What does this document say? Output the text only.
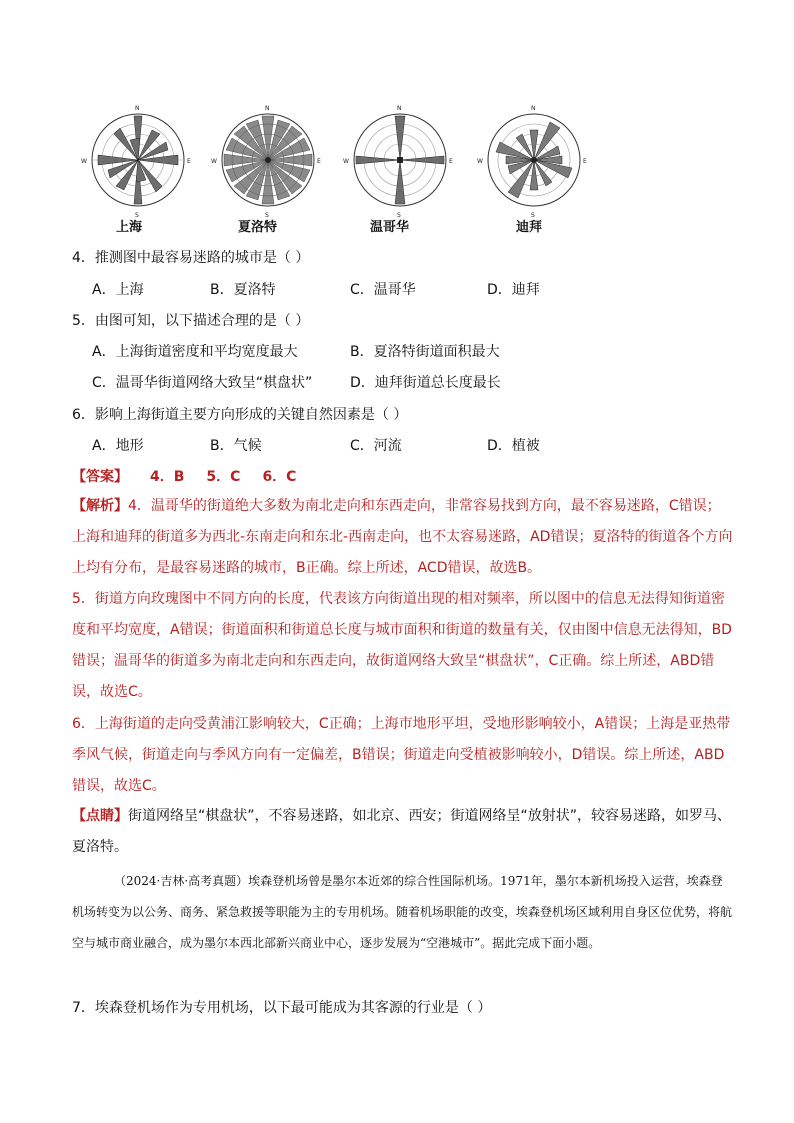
N
S
E
W
上海
N
S
E
W
夏洛特
N
S
E
W
温哥华
N
S
E
W
迪拜
4．推测图中最容易迷路的城市是（ ）
A．上海	B．夏洛特	C．温哥华	D．迪拜
5．由图可知，以下描述合理的是（ ）
A．上海街道密度和平均宽度最大	B．夏洛特街道面积最大
C．温哥华街道网络大致呈“棋盘状”	D．迪拜街道总长度最长
6．影响上海街道主要方向形成的关键自然因素是（ ）
A．地形	B．气候	C．河流	D．植被
【答案】 4．B 5．C 6．C
【解析】4．温哥华的街道绝大多数为南北走向和东西走向，非常容易找到方向，最不容易迷路，C错误；上海和迪拜的街道多为西北-东南走向和东北-西南走向，也不太容易迷路，AD错误；夏洛特的街道各个方向上均有分布，是最容易迷路的城市，B正确。综上所述，ACD错误，故选B。
5．街道方向玫瑰图中不同方向的长度，代表该方向街道出现的相对频率，所以图中的信息无法得知街道密度和平均宽度，A错误；街道面积和街道总长度与城市面积和街道的数量有关，仅由图中信息无法得知，BD错误；温哥华的街道多为南北走向和东西走向，故街道网络大致呈“棋盘状”，C正确。综上所述，ABD错误，故选C。
6．上海街道的走向受黄浦江影响较大，C正确；上海市地形平坦，受地形影响较小，A错误；上海是亚热带季风气候，街道走向与季风方向有一定偏差，B错误；街道走向受植被影响较小，D错误。综上所述，ABD错误，故选C。
【点睛】街道网络呈“棋盘状”，不容易迷路，如北京、西安；街道网络呈“放射状”，较容易迷路，如罗马、夏洛特。
（2024·吉林·高考真题）埃森登机场曾是墨尔本近郊的综合性国际机场。1971年，墨尔本新机场投入运营，埃森登机场转变为以公务、商务、紧急救援等职能为主的专用机场。随着机场职能的改变，埃森登机场区域利用自身区位优势，将航空与城市商业融合，成为墨尔本西北部新兴商业中心，逐步发展为“空港城市”。据此完成下面小题。
7．埃森登机场作为专用机场，以下最可能成为其客源的行业是（ ）
